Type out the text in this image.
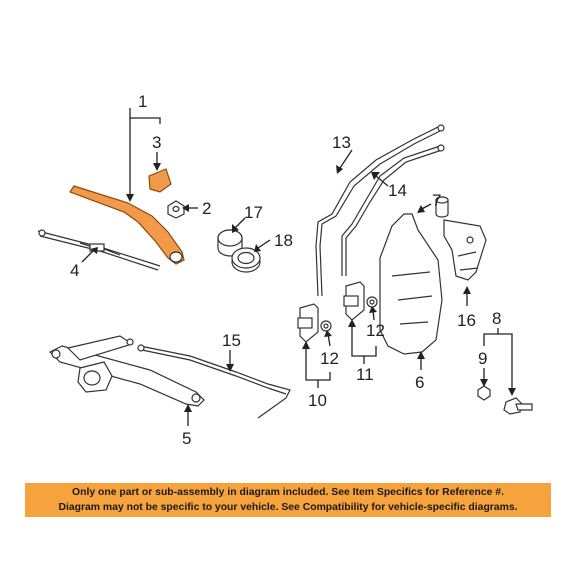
1
3
2
4
17
18
13
14
7
16 8
9
6
12
12
11
10
15
5
Only one part or sub-assembly in diagram included. See Item Specifics for Reference #.
Diagram may not be specific to your vehicle. See Compatibility for vehicle-specific diagrams.
